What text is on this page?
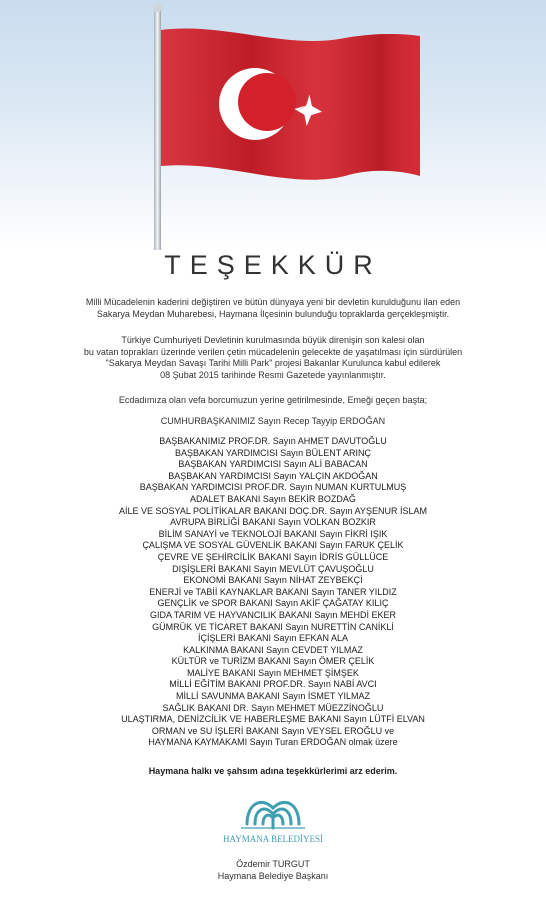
TEŞEKKÜR
Milli Mücadelenin kaderini değiştiren ve bütün dünyaya yeni bir devletin kurulduğunu ilan eden
Sakarya Meydan Muharebesi, Haymana İlçesinin bulunduğu topraklarda gerçekleşmiştir.
Türkiye Cumhuriyeti Devletinin kurulmasında büyük direnişin son kalesi olan
bu vatan toprakları üzerinde verilen çetin mücadelenin gelecekte de yaşatılması için sürdürülen
"Sakarya Meydan Savaşı Tarihi Milli Park" projesi Bakanlar Kurulunca kabul edilerek
08 Şubat 2015 tarihinde Resmi Gazetede yayınlanmıştır.
Ecdadımıza olan vefa borcumuzun yerine getirilmesinde, Emeği geçen başta;
CUMHURBAŞKANIMIZ Sayın Recep Tayyip ERDOĞAN
BAŞBAKANIMIZ PROF.DR. Sayın AHMET DAVUTOĞLU
BAŞBAKAN YARDIMCISI Sayın BÜLENT ARINÇ
BAŞBAKAN YARDIMCISI Sayın ALİ BABACAN
BAŞBAKAN YARDIMCISI Sayın YALÇIN AKDOĞAN
BAŞBAKAN YARDIMCISI PROF.DR. Sayın NUMAN KURTULMUŞ
ADALET BAKANI Sayın BEKİR BOZDAĞ
AİLE VE SOSYAL POLİTİKALAR BAKANI DOÇ.DR. Sayın AYŞENUR İSLAM
AVRUPA BİRLİĞİ BAKANI Sayın VOLKAN BOZKIR
BİLİM SANAYİ ve TEKNOLOJİ BAKANI Sayın FİKRİ IŞIK
ÇALIŞMA VE SOSYAL GÜVENLİK BAKANI Sayın FARUK ÇELİK
ÇEVRE VE ŞEHİRCİLİK BAKANI Sayın İDRİS GÜLLÜCE
DIŞİŞLERİ BAKANI Sayın MEVLÜT ÇAVUŞOĞLU
EKONOMİ BAKANI Sayın NİHAT ZEYBEKÇİ
ENERJİ ve TABİİ KAYNAKLAR BAKANI Sayın TANER YILDIZ
GENÇLİK ve SPOR BAKANI Sayın AKİF ÇAĞATAY KILIÇ
GIDA TARIM VE HAYVANCILIK BAKANI Sayın MEHDİ EKER
GÜMRÜK VE TİCARET BAKANI Sayın NURETTİN CANİKLİ
İÇİŞLERİ BAKANI Sayın EFKAN ALA
KALKINMA BAKANI Sayın CEVDET YILMAZ
KÜLTÜR ve TURİZM BAKANI Sayın ÖMER ÇELİK
MALİYE BAKANI Sayın MEHMET ŞİMŞEK
MİLLİ EĞİTİM BAKANI PROF.DR. Sayın NABİ AVCI
MİLLİ SAVUNMA BAKANI Sayın İSMET YILMAZ
SAĞLIK BAKANI DR. Sayın MEHMET MÜEZZİNOĞLU
ULAŞTIRMA, DENİZCİLİK VE HABERLEŞME BAKANI Sayın LÜTFİ ELVAN
ORMAN ve SU İŞLERİ BAKANI Sayın VEYSEL EROĞLU ve
HAYMANA KAYMAKAMI Sayın Turan ERDOĞAN olmak üzere
Haymana halkı ve şahsım adına teşekkürlerimi arz ederim.
HAYMANA BELEDİYESİ
Özdemir TURGUT
Haymana Belediye Başkanı
